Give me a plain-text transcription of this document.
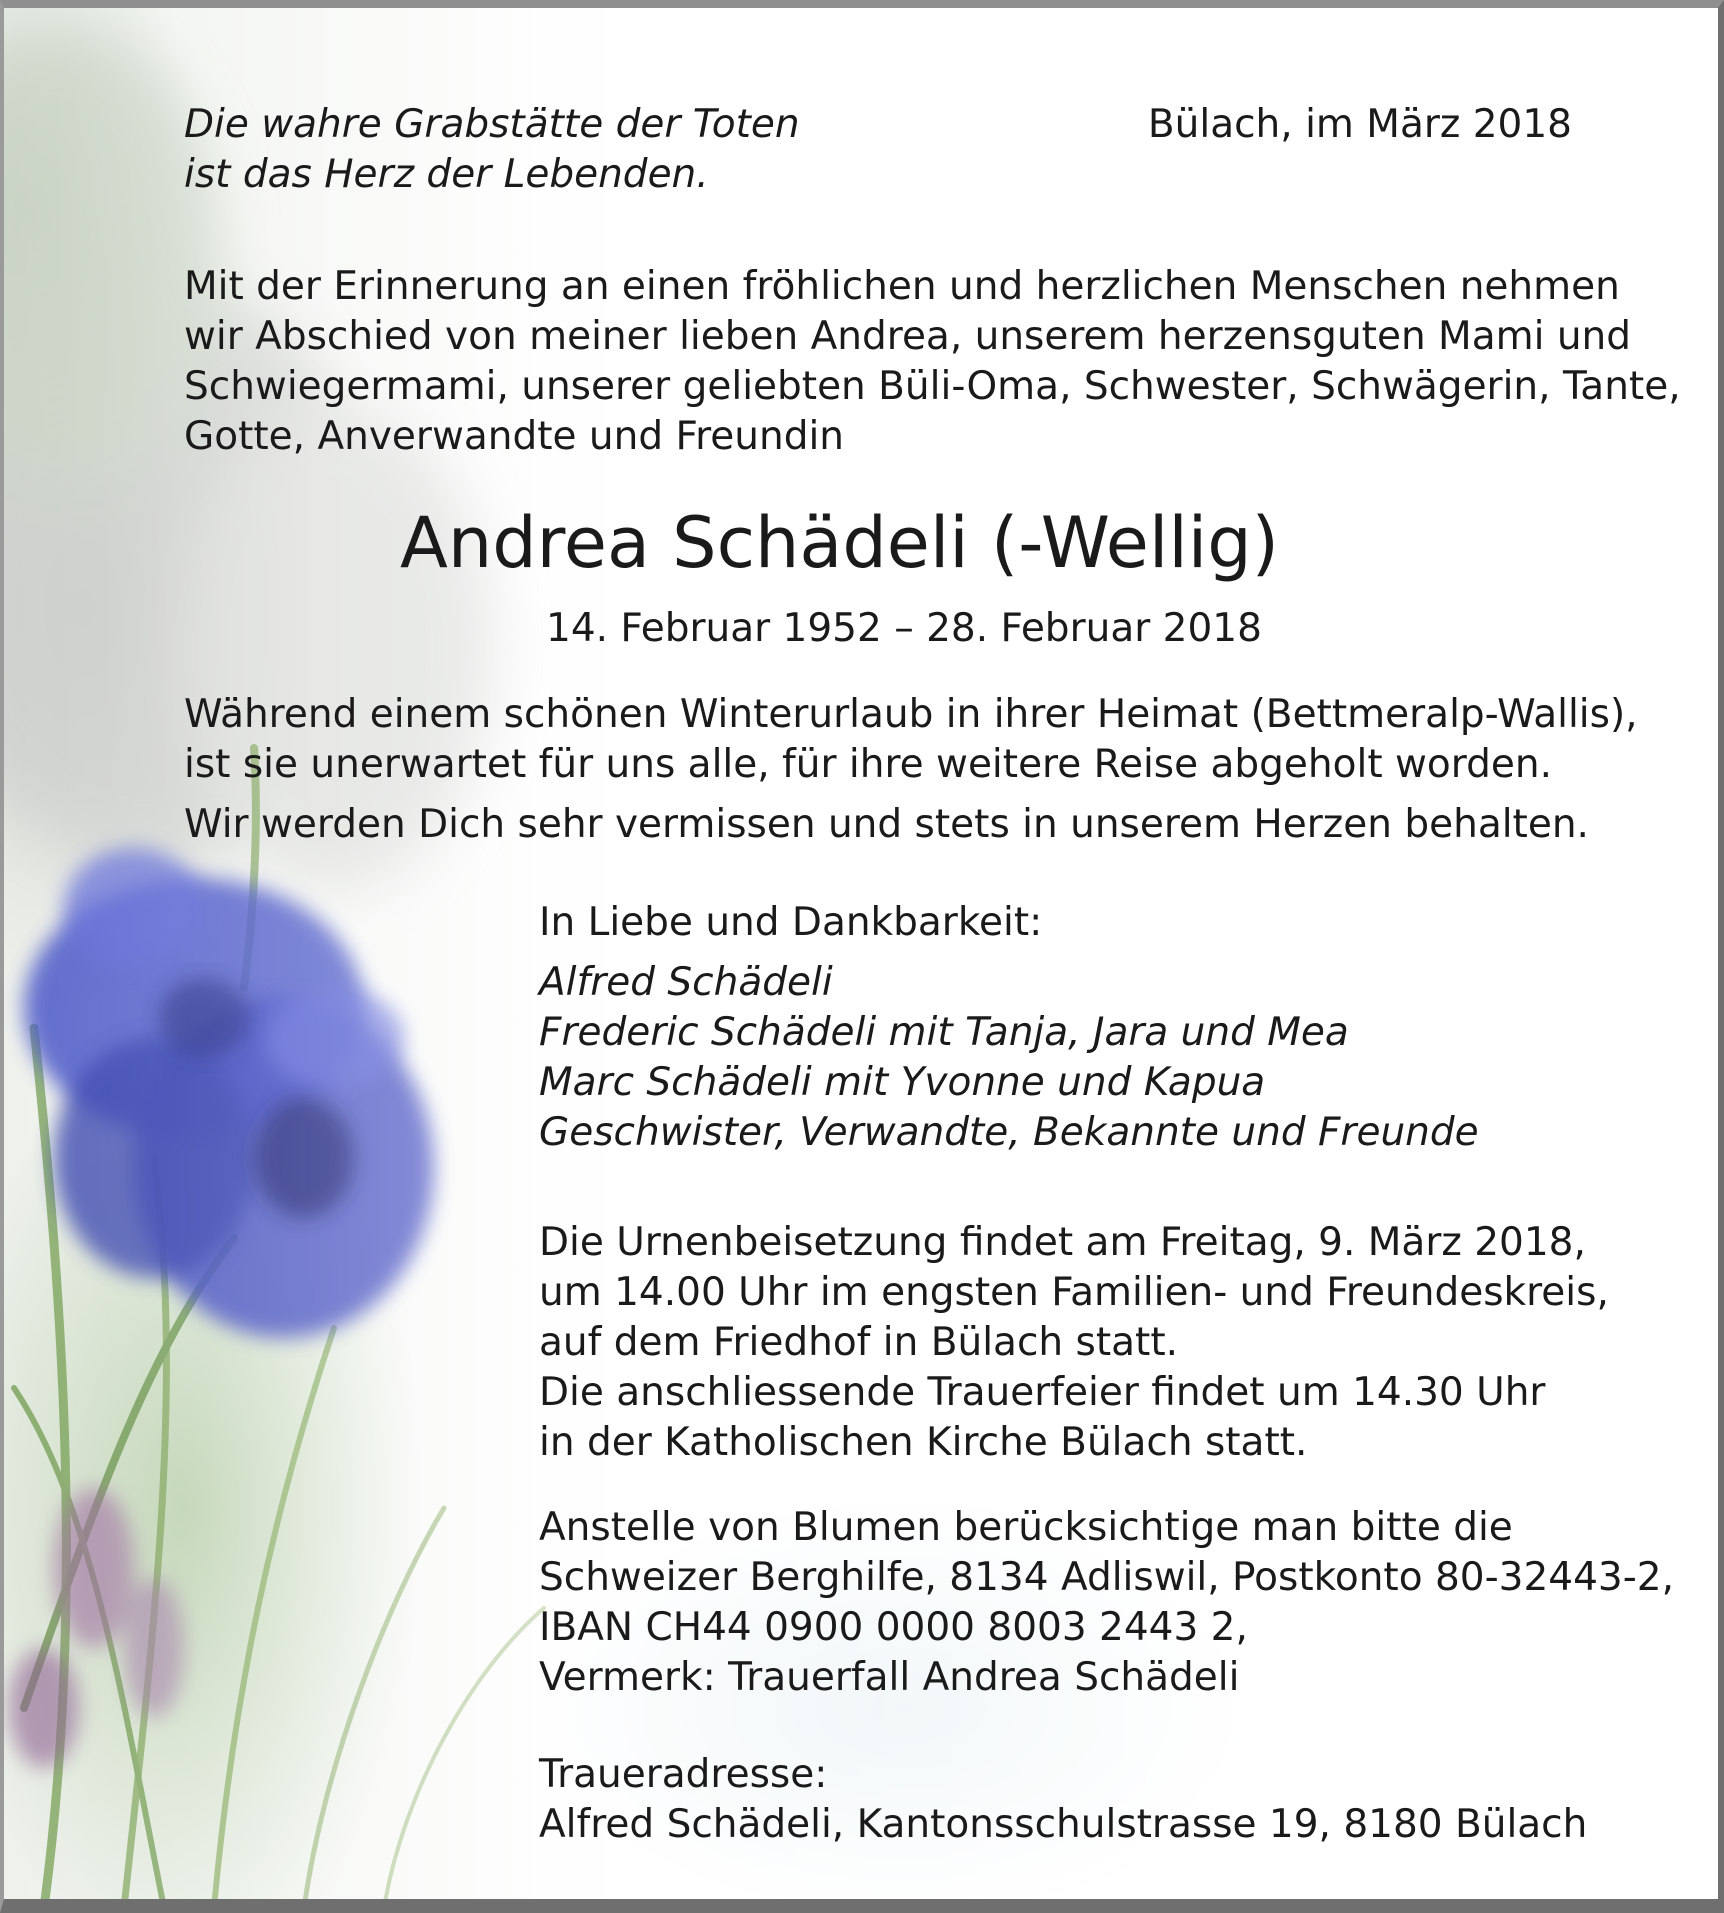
Die wahre Grabstätte der Toten
ist das Herz der Lebenden.

Bülach, im März 2018

Mit der Erinnerung an einen fröhlichen und herzlichen Menschen nehmen
wir Abschied von meiner lieben Andrea, unserem herzensguten Mami und
Schwiegermami, unserer geliebten Büli-Oma, Schwester, Schwägerin, Tante,
Gotte, Anverwandte und Freundin

Andrea Schädeli (-Wellig)

14. Februar 1952 – 28. Februar 2018

Während einem schönen Winterurlaub in ihrer Heimat (Bettmeralp-Wallis),
ist sie unerwartet für uns alle, für ihre weitere Reise abgeholt worden.

Wir werden Dich sehr vermissen und stets in unserem Herzen behalten.

In Liebe und Dankbarkeit:

Alfred Schädeli
Frederic Schädeli mit Tanja, Jara und Mea
Marc Schädeli mit Yvonne und Kapua
Geschwister, Verwandte, Bekannte und Freunde
Die Urnenbeisetzung findet am Freitag, 9. März 2018,
um 14.00 Uhr im engsten Familien- und Freundeskreis,
auf dem Friedhof in Bülach statt.
Die anschliessende Trauerfeier findet um 14.30 Uhr
in der Katholischen Kirche Bülach statt.
Anstelle von Blumen berücksichtige man bitte die
Schweizer Berghilfe, 8134 Adliswil, Postkonto 80-32443-2,
IBAN CH44 0900 0000 8003 2443 2,
Vermerk: Trauerfall Andrea Schädeli
Traueradresse:
Alfred Schädeli, Kantonsschulstrasse 19, 8180 Bülach
